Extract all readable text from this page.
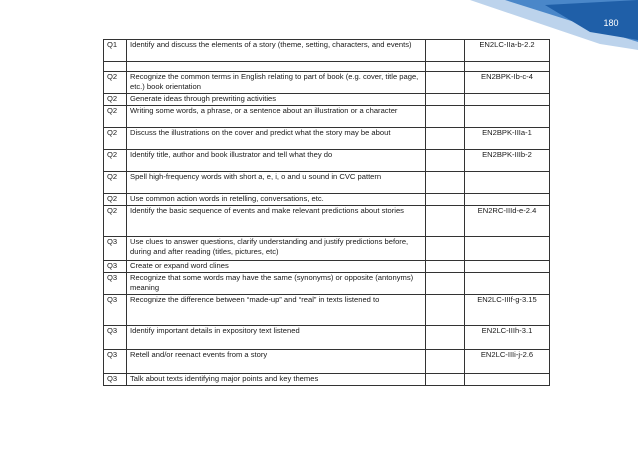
180
Q1	Identify and discuss the elements of a story (theme, setting, characters, and events)		EN2LC-IIa-b-2.2

Q2	Recognize the common terms in English relating to part of book (e.g. cover, title page, etc.) book orientation		EN2BPK-Ib-c-4
Q2	Generate ideas through prewriting activities		
Q2	Writing some words, a phrase, or a sentence about an illustration or a character		
Q2	Discuss the illustrations on the cover and predict what the story may be about		EN2BPK-IIIa-1
Q2	Identify title, author and book illustrator and tell what they do		EN2BPK-IIIb-2
Q2	Spell high-frequency words with short a, e, i, o and u sound in CVC pattern		
Q2	Use common action words in retelling, conversations, etc.		
Q2	Identify the basic sequence of events and make relevant predictions about stories		EN2RC-IIId-e-2.4
Q3	Use clues to answer questions, clarify understanding and justify predictions before, during and after reading (titles, pictures, etc)		
Q3	Create or expand word clines		
Q3	Recognize that some words may have the same (synonyms) or opposite (antonyms) meaning		
Q3	Recognize the difference between “made-up” and “real” in texts listened to		EN2LC-IIIf-g-3.15
Q3	Identify important details in expository text listened		EN2LC-IIIh-3.1
Q3	Retell and/or reenact events from a story		EN2LC-IIIi-j-2.6
Q3	Talk about texts identifying major points and key themes		
